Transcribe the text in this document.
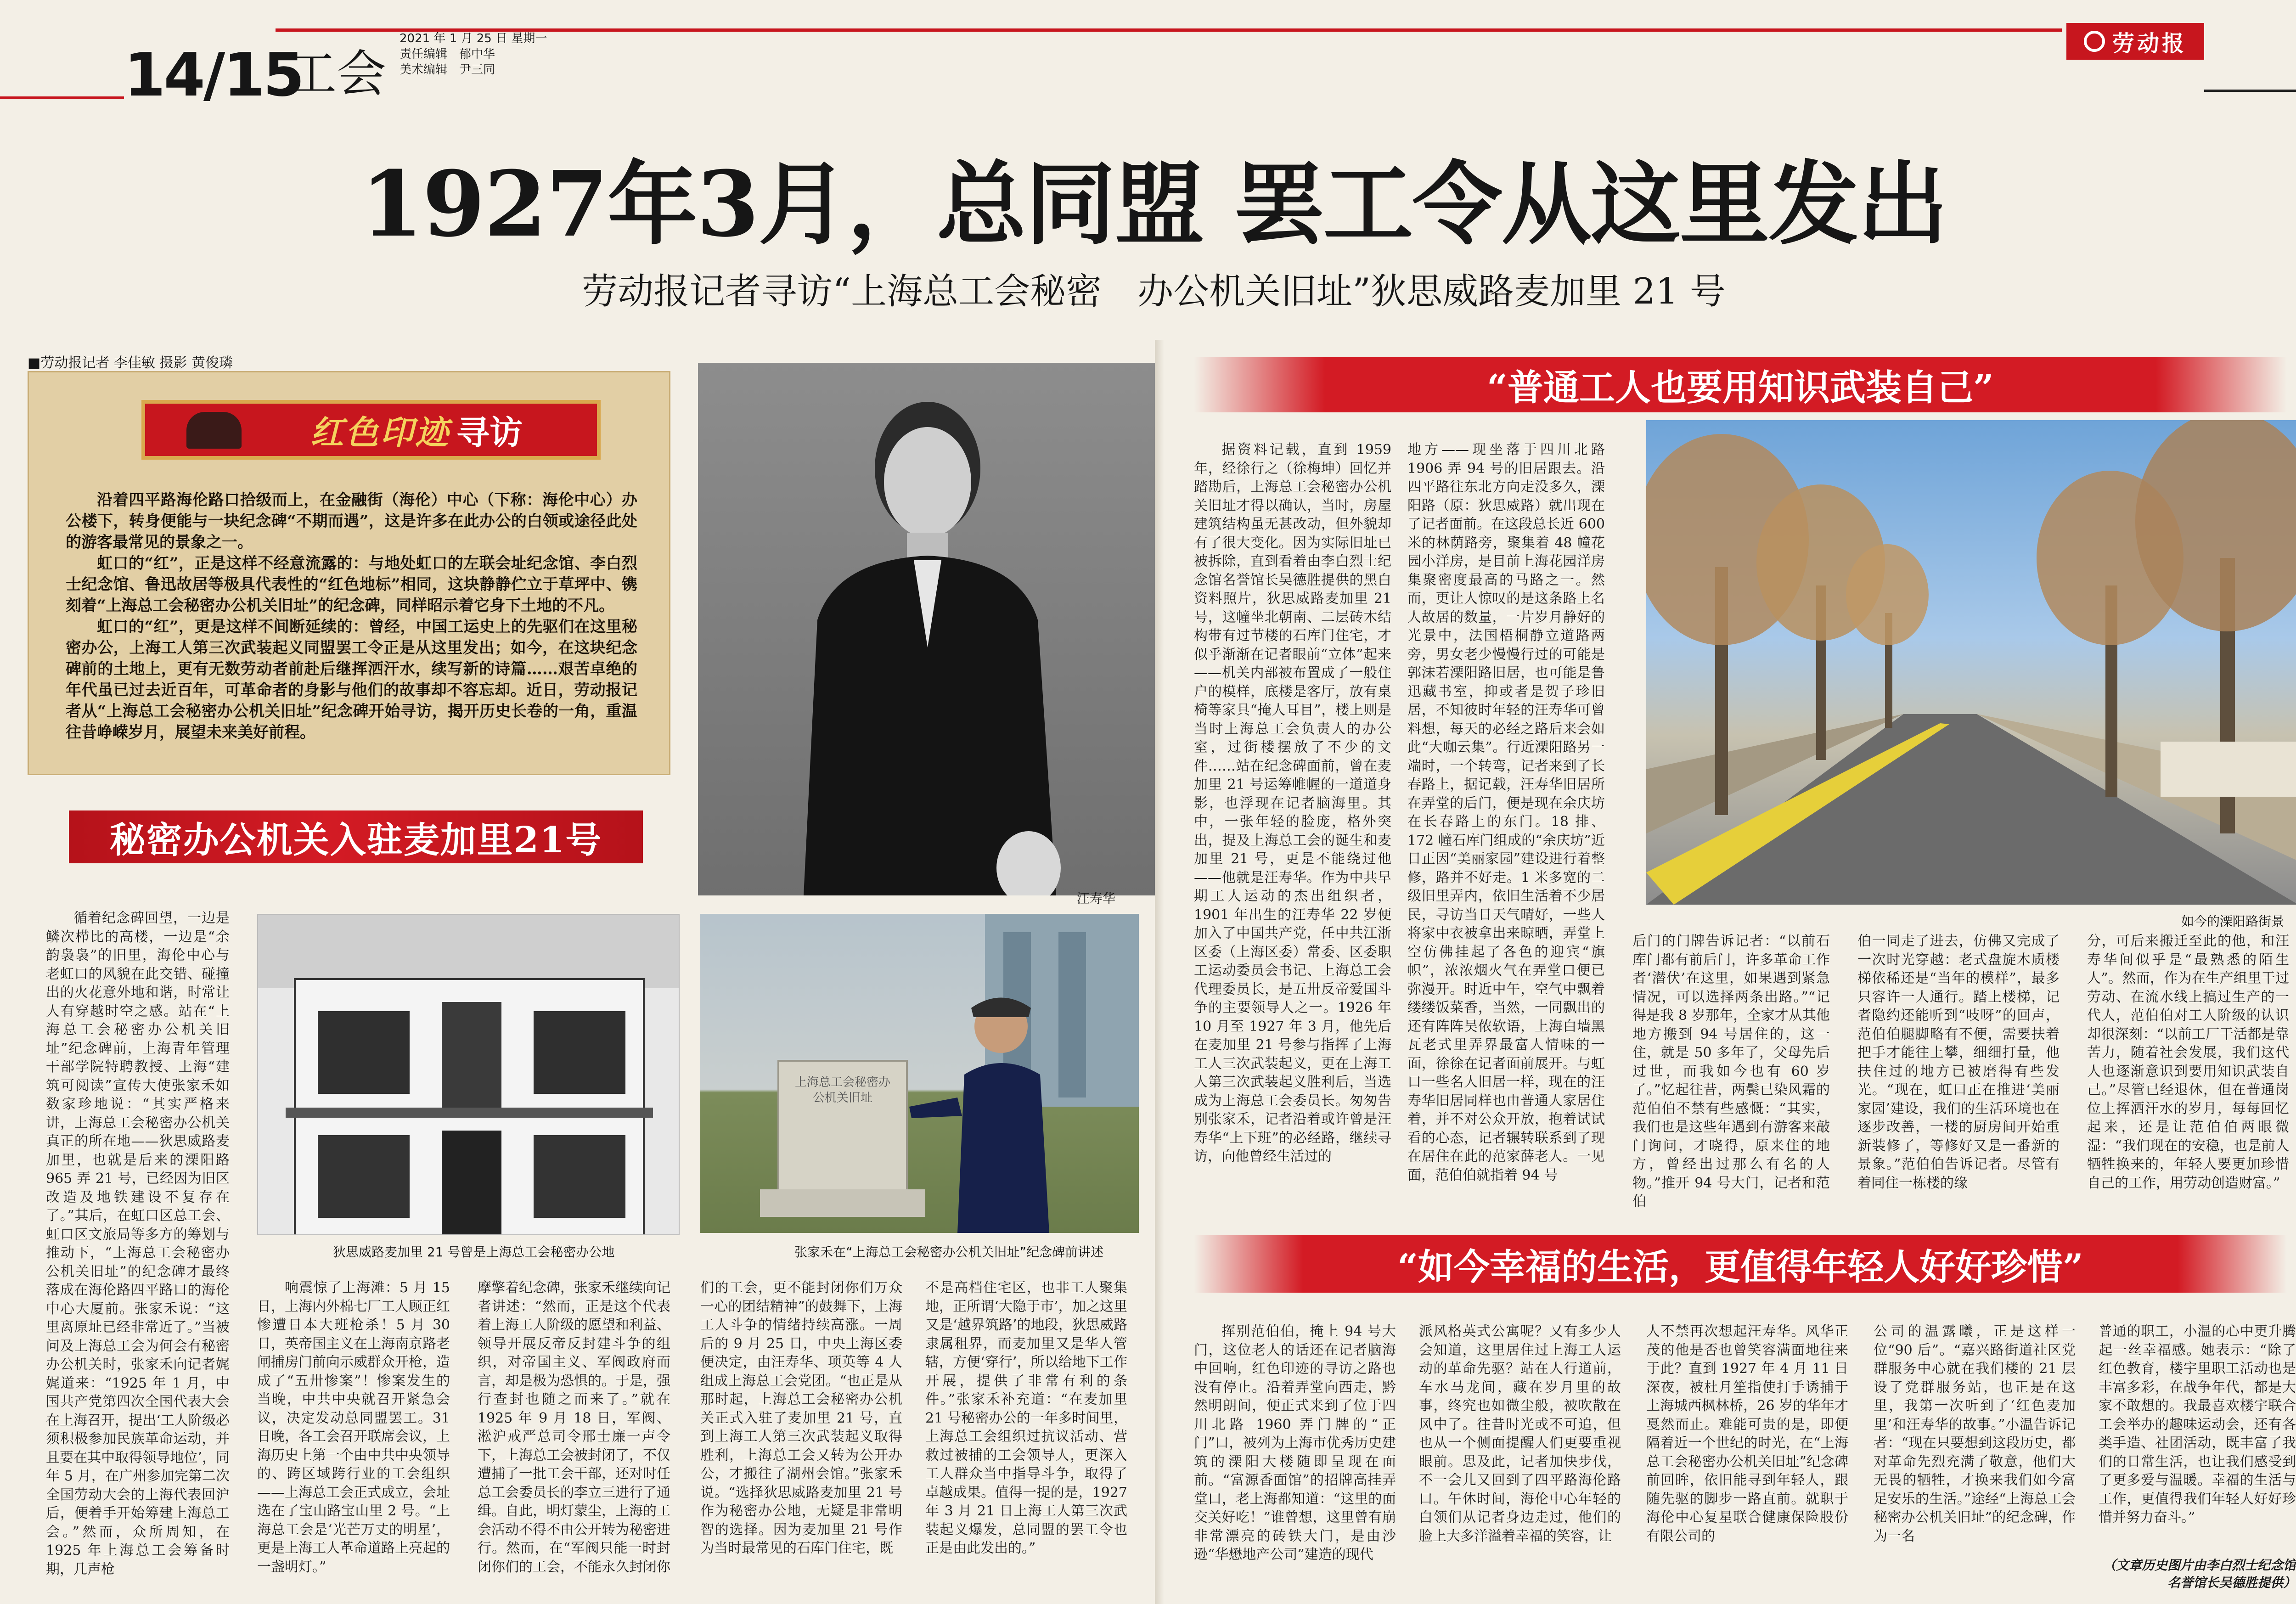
14/15
工会
2021 年 1 月 25 日 星期一
责任编辑　郁中华
美术编辑　尹三同
劳动报
1927年3月，总同盟 罢工令从这里发出
劳动报记者寻访“上海总工会秘密　办公机关旧址”狄思威路麦加里 21 号
■劳动报记者 李佳敏 摄影 黄俊璘
红色印迹 寻访

沿着四平路海伦路口拾级而上，在金融街（海伦）中心（下称：海伦中心）办公楼下，转身便能与一块纪念碑“不期而遇”，这是许多在此办公的白领或途径此处的游客最常见的景象之一。

虹口的“红”，正是这样不经意流露的：与地处虹口的左联会址纪念馆、李白烈士纪念馆、鲁迅故居等极具代表性的“红色地标”相同，这块静静伫立于草坪中、镌刻着“上海总工会秘密办公机关旧址”的纪念碑，同样昭示着它身下土地的不凡。

虹口的“红”，更是这样不间断延续的：曾经，中国工运史上的先驱们在这里秘密办公，上海工人第三次武装起义同盟罢工令正是从这里发出；如今，在这块纪念碑前的土地上，更有无数劳动者前赴后继挥洒汗水，续写新的诗篇……艰苦卓绝的年代虽已过去近百年，可革命者的身影与他们的故事却不容忘却。近日，劳动报记者从“上海总工会秘密办公机关旧址”纪念碑开始寻访，揭开历史长卷的一角，重温往昔峥嵘岁月，展望未来美好前程。

汪寿华
秘密办公机关入驻麦加里21号

循着纪念碑回望，一边是鳞次栉比的高楼，一边是“余韵袅袅”的旧里，海伦中心与老虹口的风貌在此交错、碰撞出的火花意外地和谐，时常让人有穿越时空之感。站在“上海总工会秘密办公机关旧址”纪念碑前，上海青年管理干部学院特聘教授、上海“建筑可阅读”宣传大使张家禾如数家珍地说：“其实严格来讲，上海总工会秘密办公机关真正的所在地——狄思威路麦加里，也就是后来的溧阳路 965 弄 21 号，已经因为旧区改造及地铁建设不复存在了。”其后，在虹口区总工会、虹口区文旅局等多方的筹划与推动下，“上海总工会秘密办公机关旧址”的纪念碑才最终落成在海伦路四平路口的海伦中心大厦前。张家禾说：“这里离原址已经非常近了。”当被问及上海总工会为何会有秘密办公机关时，张家禾向记者娓娓道来：“1925 年 1 月，中国共产党第四次全国代表大会在上海召开，提出‘工人阶级必须积极参加民族革命运动，并且要在其中取得领导地位’，同年 5 月，在广州参加完第二次全国劳动大会的上海代表回沪后，便着手开始筹建上海总工会。”然而，众所周知，在 1925 年上海总工会筹备时期，几声枪

狄思威路麦加里 21 号曾是上海总工会秘密办公地
上海总工会秘密办公机关旧址
张家禾在“上海总工会秘密办公机关旧址”纪念碑前讲述

响震惊了上海滩：5 月 15 日，上海内外棉七厂工人顾正红惨遭日本大班枪杀！5 月 30 日，英帝国主义在上海南京路老闸捕房门前向示威群众开枪，造成了“五卅惨案”！惨案发生的当晚，中共中央就召开紧急会议，决定发动总同盟罢工。31 日晚，各工会召开联席会议，上海历史上第一个由中共中央领导的、跨区域跨行业的工会组织——上海总工会正式成立，会址选在了宝山路宝山里 2 号。“上海总工会是‘光芒万丈的明星’，更是上海工人革命道路上亮起的一盏明灯。”

摩擎着纪念碑，张家禾继续向记者讲述：“然而，正是这个代表着上海工人阶级的愿望和利益、领导开展反帝反封建斗争的组织，对帝国主义、军阀政府而言，却是极为恐惧的。于是，强行查封也随之而来了。”就在 1925 年 9 月 18 日，军阀、淞沪戒严总司令邢士廉一声令下，上海总工会被封闭了，不仅遭捕了一批工会干部，还对时任总工会委员长的李立三进行了通缉。自此，明灯蒙尘，上海的工会活动不得不由公开转为秘密进行。然而，在“军阀只能一时封闭你们的工会，不能永久封闭你

们的工会，更不能封闭你们万众一心的团结精神”的鼓舞下，上海工人斗争的情绪持续高涨。一周后的 9 月 25 日，中央上海区委便决定，由汪寿华、项英等 4 人组成上海总工会党团。“也正是从那时起，上海总工会秘密办公机关正式入驻了麦加里 21 号，直到上海工人第三次武装起义取得胜利，上海总工会又转为公开办公，才搬往了湖州会馆。”张家禾说。“选择狄思威路麦加里 21 号作为秘密办公地，无疑是非常明智的选择。因为麦加里 21 号作为当时最常见的石库门住宅，既

不是高档住宅区，也非工人聚集地，正所谓‘大隐于市’，加之这里又是‘越界筑路’的地段，狄思威路隶属租界，而麦加里又是华人管辖，方便‘穿行’，所以给地下工作开展，提供了非常有利的条件。”张家禾补充道：“在麦加里 21 号秘密办公的一年多时间里，上海总工会组织过抗议活动、营救过被捕的工会领导人，更深入工人群众当中指导斗争，取得了卓越成果。值得一提的是，1927 年 3 月 21 日上海工人第三次武装起义爆发，总同盟的罢工令也正是由此发出的。”

“普通工人也要用知识武装自己”

据资料记载，直到 1959 年，经徐行之（徐梅坤）回忆并踏勘后，上海总工会秘密办公机关旧址才得以确认，当时，房屋建筑结构虽无甚改动，但外貌却有了很大变化。因为实际旧址已被拆除，直到看着由李白烈士纪念馆名誉馆长吴德胜提供的黑白资料照片，狄思威路麦加里 21 号，这幢坐北朝南、二层砖木结构带有过节楼的石库门住宅，才似乎渐渐在记者眼前“立体”起来——机关内部被布置成了一般住户的模样，底楼是客厅，放有桌椅等家具“掩人耳目”，楼上则是当时上海总工会负责人的办公室，过街楼摆放了不少的文件……站在纪念碑面前，曾在麦加里 21 号运筹帷幄的一道道身影，也浮现在记者脑海里。其中，一张年轻的脸庞，格外突出，提及上海总工会的诞生和麦加里 21 号，更是不能绕过他——他就是汪寿华。作为中共早期工人运动的杰出组织者，1901 年出生的汪寿华 22 岁便加入了中国共产党，任中共江浙区委（上海区委）常委、区委职工运动委员会书记、上海总工会代理委员长，是五卅反帝爱国斗争的主要领导人之一。1926 年 10 月至 1927 年 3 月，他先后在麦加里 21 号参与指挥了上海工人三次武装起义，更在上海工人第三次武装起义胜利后，当选成为上海总工会委员长。匆匆告别张家禾，记者沿着或许曾是汪寿华“上下班”的必经路，继续寻访，向他曾经生活过的

地方——现坐落于四川北路 1906 弄 94 号的旧居跟去。沿四平路往东北方向走没多久，溧阳路（原：狄思威路）就出现在了记者面前。在这段总长近 600 米的林荫路旁，聚集着 48 幢花园小洋房，是目前上海花园洋房集聚密度最高的马路之一。然而，更让人惊叹的是这条路上名人故居的数量，一片岁月静好的光景中，法国梧桐静立道路两旁，男女老少慢慢行过的可能是郭沫若溧阳路旧居，也可能是鲁迅藏书室，抑或者是贺子珍旧居，不知彼时年轻的汪寿华可曾料想，每天的必经之路后来会如此“大咖云集”。行近溧阳路另一端时，一个转弯，记者来到了长春路上，据记载，汪寿华旧居所在弄堂的后门，便是现在余庆坊在长春路上的东门。18 排、172 幢石库门组成的“余庆坊”近日正因“美丽家园”建设进行着整修，路并不好走。1 米多宽的二级旧里弄内，依旧生活着不少居民，寻访当日天气晴好，一些人将家中衣被拿出来晾晒，弄堂上空仿佛挂起了各色的迎宾“旗帜”，浓浓烟火气在弄堂口便已弥漫开。时近中午，空气中飘着缕缕饭菜香，当然，一同飘出的还有阵阵吴侬软语，上海白墙黑瓦老式里弄界最富人情味的一面，徐徐在记者面前展开。与虹口一些名人旧居一样，现在的汪寿华旧居同样也由普通人家居住着，并不对公众开放，抱着试试看的心态，记者辗转联系到了现在居住在此的范家薛老人。一见面，范伯伯就指着 94 号

如今的溧阳路街景

后门的门牌告诉记者：“以前石库门都有前后门，许多革命工作者‘潜伏’在这里，如果遇到紧急情况，可以选择两条出路。”“记得是我 8 岁那年，全家才从其他地方搬到 94 号居住的，这一住，就是 50 多年了，父母先后过世，而我如今也有 60 岁了。”忆起往昔，两鬓已染风霜的范伯伯不禁有些感慨：“其实，我们也是这些年遇到有游客来敲门询问，才晓得，原来住的地方，曾经出过那么有名的人物。”推开 94 号大门，记者和范伯

伯一同走了进去，仿佛又完成了一次时光穿越：老式盘旋木质楼梯依稀还是“当年的模样”，最多只容许一人通行。踏上楼梯，记者隐约还能听到“吱呀”的回声，范伯伯腿脚略有不便，需要扶着把手才能往上攀，细细打量，他扶住过的地方已被磨得有些发光。“现在，虹口正在推进‘美丽家园’建设，我们的生活环境也在逐步改善，一楼的厨房间开始重新装修了，等修好又是一番新的景象。”范伯伯告诉记者。尽管有着同住一栋楼的缘

分，可后来搬迁至此的他，和汪寿华间似乎是“最熟悉的陌生人”。然而，作为在生产组里干过劳动、在流水线上搞过生产的一代人，范伯伯对工人阶级的认识却很深刻：“以前工厂干活都是靠苦力，随着社会发展，我们这代人也逐渐意识到要用知识武装自己。”尽管已经退休，但在普通岗位上挥洒汗水的岁月，每每回忆起来，还是让范伯伯两眼微湿：“我们现在的安稳，也是前人牺牲换来的，年轻人要更加珍惜自己的工作，用劳动创造财富。”

“如今幸福的生活，更值得年轻人好好珍惜”

挥别范伯伯，掩上 94 号大门，这位老人的话还在记者脑海中回响，红色印迹的寻访之路也没有停止。沿着弄堂向西走，黔然明朗间，便正式来到了位于四川北路 1960 弄门牌的“正门”口，被列为上海市优秀历史建筑的溧阳大楼随即呈现在面前。“富源香面馆”的招牌高挂弄堂口，老上海都知道：“这里的面交关好吃！”谁曾想，这里曾有崩非常漂亮的砖铁大门，是由沙逊“华懋地产公司”建造的现代

派风格英式公寓呢？又有多少人会知道，这里居住过上海工人运动的革命先驱？站在人行道前，车水马龙间，藏在岁月里的故事，终究也如微尘般，被吹散在风中了。往昔时光或不可追，但也从一个侧面提醒人们更要重视眼前。思及此，记者加快步伐，不一会儿又回到了四平路海伦路口。午休时间，海伦中心年轻的白领们从记者身边走过，他们的脸上大多洋溢着幸福的笑容，让

人不禁再次想起汪寿华。风华正茂的他是否也曾笑容满面地往来于此？直到 1927 年 4 月 11 日深夜，被杜月笙指使打手诱捕于上海城西枫林桥，26 岁的华年才戛然而止。难能可贵的是，即便隔着近一个世纪的时光，在“上海总工会秘密办公机关旧址”纪念碑前回眸，依旧能寻到年轻人，跟随先驱的脚步一路直前。就职于海伦中心复星联合健康保险股份有限公司的

公司的温露曦，正是这样一位“90 后”。“嘉兴路街道社区党群服务中心就在我们楼的 21 层设了党群服务站，也正是在这里，我第一次听到了‘红色麦加里’和汪寿华的故事。”小温告诉记者：“现在只要想到这段历史，都对革命先烈充满了敬意，他们大无畏的牺牲，才换来我们如今富足安乐的生活。”途经“上海总工会秘密办公机关旧址”的纪念碑，作为一名

普通的职工，小温的心中更升腾起一丝幸福感。她表示：“除了红色教育，楼宇里职工活动也是丰富多彩，在战争年代，都是大家不敢想的。我最喜欢楼宇联合工会举办的趣味运动会，还有各类手造、社团活动，既丰富了我们的日常生活，也让我们感受到了更多爱与温暖。幸福的生活与工作，更值得我们年轻人好好珍惜并努力奋斗。”

（文章历史图片由李白烈士纪念馆名誉馆长吴德胜提供）
